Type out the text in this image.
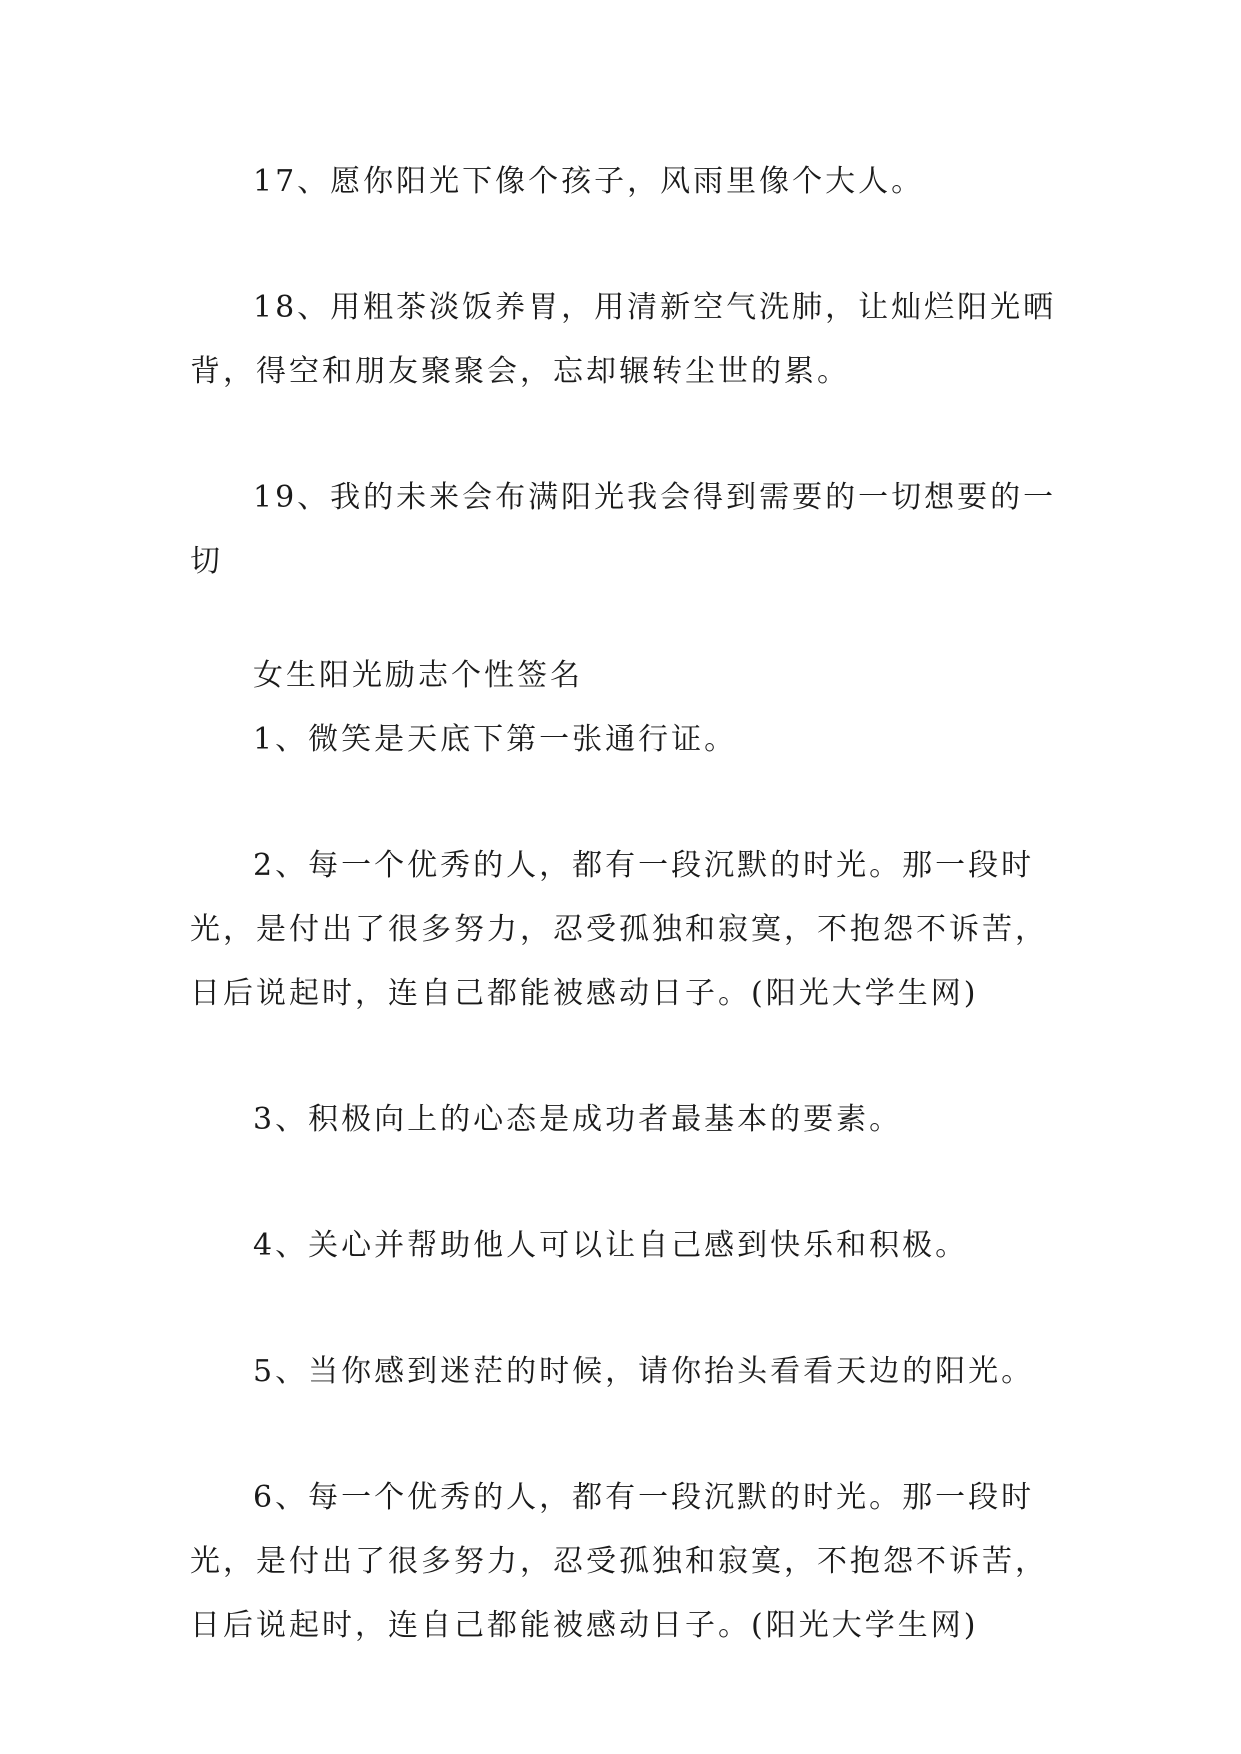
17、愿你阳光下像个孩子，风雨里像个大人。

18、用粗茶淡饭养胃，用清新空气洗肺，让灿烂阳光晒背，得空和朋友聚聚会，忘却辗转尘世的累。

19、我的未来会布满阳光我会得到需要的一切想要的一切

女生阳光励志个性签名

1、微笑是天底下第一张通行证。

2、每一个优秀的人，都有一段沉默的时光。那一段时光，是付出了很多努力，忍受孤独和寂寞，不抱怨不诉苦，日后说起时，连自己都能被感动日子。(阳光大学生网)

3、积极向上的心态是成功者最基本的要素。

4、关心并帮助他人可以让自己感到快乐和积极。

5、当你感到迷茫的时候，请你抬头看看天边的阳光。

6、每一个优秀的人，都有一段沉默的时光。那一段时光，是付出了很多努力，忍受孤独和寂寞，不抱怨不诉苦，日后说起时，连自己都能被感动日子。(阳光大学生网)
